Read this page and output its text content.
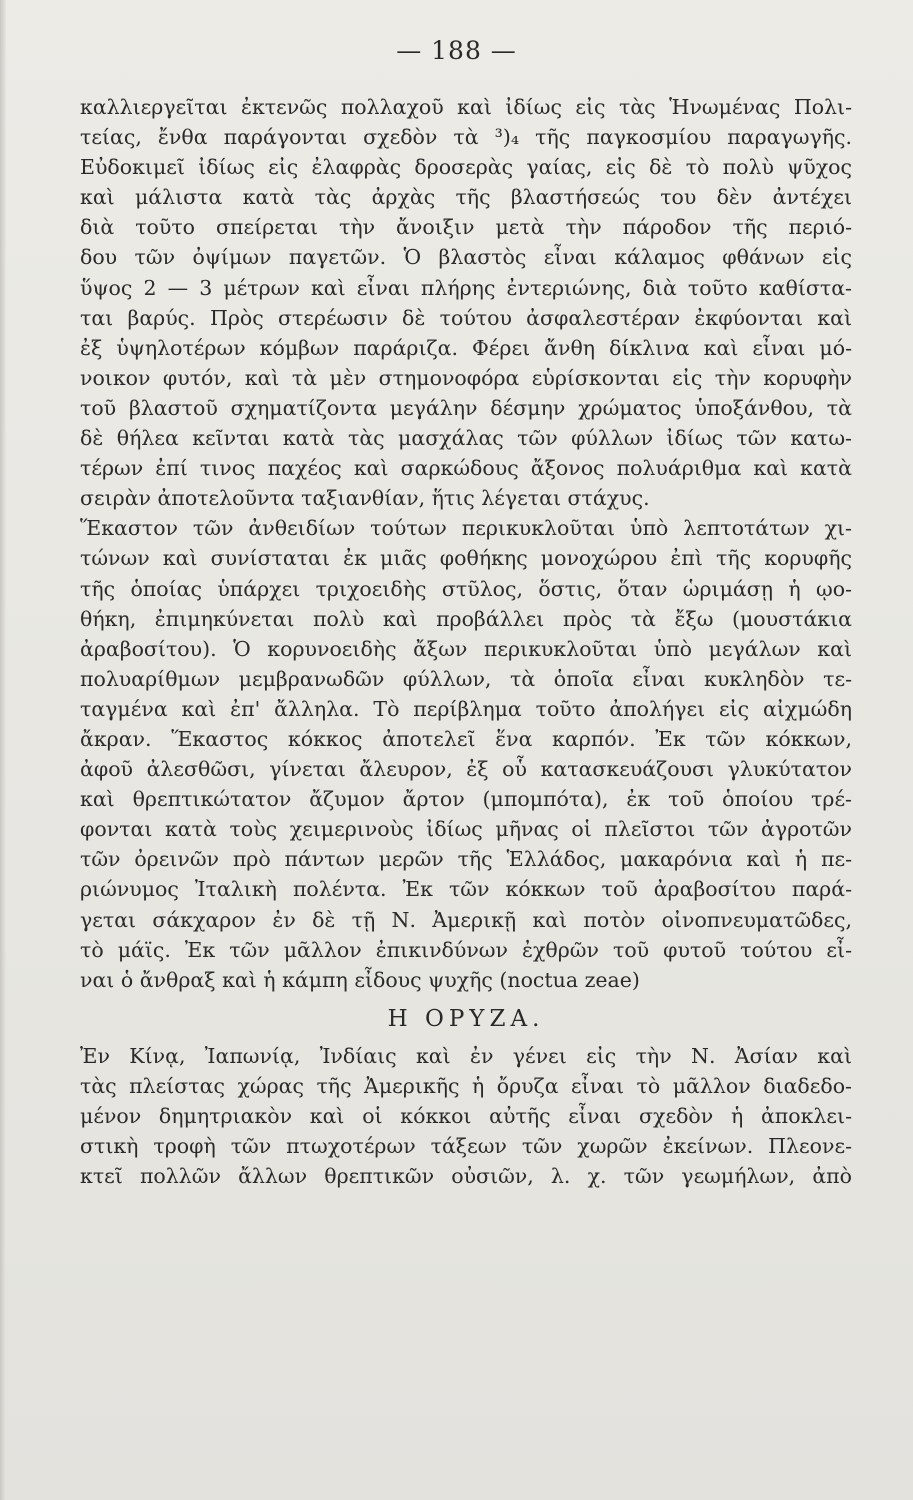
— 188 —
καλλιεργεῖται ἐκτενῶς πολλαχοῦ καὶ ἰδίως εἰς τὰς Ἡνωμένας Πολι-
τείας, ἔνθα παράγονται σχεδὸν τὰ ³)₄ τῆς παγκοσμίου παραγωγῆς.
Εὐδοκιμεῖ ἰδίως εἰς ἐλαφρὰς δροσερὰς γαίας, εἰς δὲ τὸ πολὺ ψῦχος
καὶ μάλιστα κατὰ τὰς ἀρχὰς τῆς βλαστήσεώς του δὲν ἀντέχει
διὰ τοῦτο σπείρεται τὴν ἄνοιξιν μετὰ τὴν πάροδον τῆς περιό-
δου τῶν ὀψίμων παγετῶν. Ὁ βλαστὸς εἶναι κάλαμος φθάνων εἰς
ὕψος 2 — 3 μέτρων καὶ εἶναι πλήρης ἐντεριώνης, διὰ τοῦτο καθίστα-
ται βαρύς. Πρὸς στερέωσιν δὲ τούτου ἀσφαλεστέραν ἐκφύονται καὶ
ἐξ ὑψηλοτέρων κόμβων παράριζα. Φέρει ἄνθη δίκλινα καὶ εἶναι μό-
νοικον φυτόν, καὶ τὰ μὲν στημονοφόρα εὑρίσκονται εἰς τὴν κορυφὴν
τοῦ βλαστοῦ σχηματίζοντα μεγάλην δέσμην χρώματος ὑποξάνθου, τὰ
δὲ θήλεα κεῖνται κατὰ τὰς μασχάλας τῶν φύλλων ἰδίως τῶν κατω-
τέρων ἐπί τινος παχέος καὶ σαρκώδους ἄξονος πολυάριθμα καὶ κατὰ
σειρὰν ἀποτελοῦντα ταξιανθίαν, ἥτις λέγεται στάχυς.
Ἕκαστον τῶν ἀνθειδίων τούτων περικυκλοῦται ὑπὸ λεπτοτάτων χι-
τώνων καὶ συνίσταται ἐκ μιᾶς φοθήκης μονοχώρου ἐπὶ τῆς κορυφῆς
τῆς ὁποίας ὑπάρχει τριχοειδὴς στῦλος, ὅστις, ὅταν ὡριμάσῃ ἡ ῳο-
θήκη, ἐπιμηκύνεται πολὺ καὶ προβάλλει πρὸς τὰ ἔξω (μουστάκια
ἀραβοσίτου). Ὁ κορυνοειδὴς ἄξων περικυκλοῦται ὑπὸ μεγάλων καὶ
πολυαρίθμων μεμβρανωδῶν φύλλων, τὰ ὁποῖα εἶναι κυκληδὸν τε-
ταγμένα καὶ ἐπ' ἄλληλα. Τὸ περίβλημα τοῦτο ἀπολήγει εἰς αἰχμώδη
ἄκραν. Ἕκαστος κόκκος ἀποτελεῖ ἕνα καρπόν. Ἐκ τῶν κόκκων,
ἀφοῦ ἀλεσθῶσι, γίνεται ἄλευρον, ἐξ οὗ κατασκευάζουσι γλυκύτατον
καὶ θρεπτικώτατον ἄζυμον ἄρτον (μπομπότα), ἐκ τοῦ ὁποίου τρέ-
φονται κατὰ τοὺς χειμερινοὺς ἰδίως μῆνας οἱ πλεῖστοι τῶν ἀγροτῶν
τῶν ὀρεινῶν πρὸ πάντων μερῶν τῆς Ἑλλάδος, μακαρόνια καὶ ἡ πε-
ριώνυμος Ἰταλικὴ πολέντα. Ἐκ τῶν κόκκων τοῦ ἀραβοσίτου παρά-
γεται σάκχαρον ἐν δὲ τῇ Ν. Ἀμερικῇ καὶ ποτὸν οἰνοπνευματῶδες,
τὸ μάϊς. Ἐκ τῶν μᾶλλον ἐπικινδύνων ἐχθρῶν τοῦ φυτοῦ τούτου εἶ-
ναι ὁ ἄνθραξ καὶ ἡ κάμπη εἶδους ψυχῆς (noctua zeae)
Η ΟΡΥΖΑ.
Ἐν Κίνᾳ, Ἰαπωνίᾳ, Ἰνδίαις καὶ ἐν γένει εἰς τὴν Ν. Ἀσίαν καὶ
τὰς πλείστας χώρας τῆς Ἀμερικῆς ἡ ὄρυζα εἶναι τὸ μᾶλλον διαδεδο-
μένον δημητριακὸν καὶ οἱ κόκκοι αὐτῆς εἶναι σχεδὸν ἡ ἀποκλει-
στικὴ τροφὴ τῶν πτωχοτέρων τάξεων τῶν χωρῶν ἐκείνων. Πλεονε-
κτεῖ πολλῶν ἄλλων θρεπτικῶν οὐσιῶν, λ. χ. τῶν γεωμήλων, ἀπὸ
